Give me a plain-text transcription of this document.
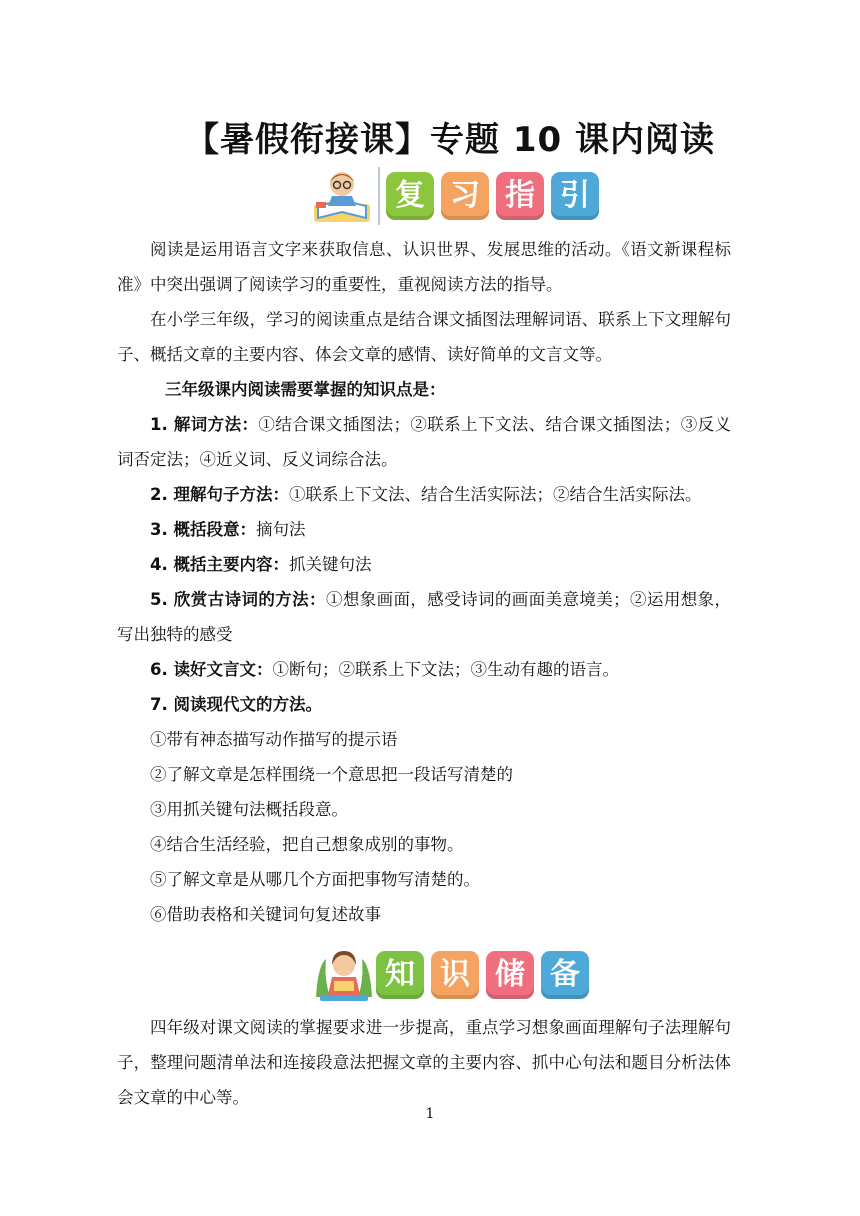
【暑假衔接课】专题 10 课内阅读
复 习 指 引

阅读是运用语言文字来获取信息、认识世界、发展思维的活动。《语文新课程标准》中突出强调了阅读学习的重要性，重视阅读方法的指导。

在小学三年级，学习的阅读重点是结合课文插图法理解词语、联系上下文理解句子、概括文章的主要内容、体会文章的感情、读好简单的文言文等。

三年级课内阅读需要掌握的知识点是：

1. 解词方法：①结合课文插图法；②联系上下文法、结合课文插图法；③反义词否定法；④近义词、反义词综合法。
2. 理解句子方法：①联系上下文法、结合生活实际法；②结合生活实际法。
3. 概括段意：摘句法
4. 概括主要内容：抓关键句法
5. 欣赏古诗词的方法：①想象画面，感受诗词的画面美意境美；②运用想象，写出独特的感受
6. 读好文言文：①断句；②联系上下文法；③生动有趣的语言。
7. 阅读现代文的方法。

①带有神态描写动作描写的提示语

②了解文章是怎样围绕一个意思把一段话写清楚的

③用抓关键句法概括段意。

④结合生活经验，把自己想象成别的事物。

⑤了解文章是从哪几个方面把事物写清楚的。

⑥借助表格和关键词句复述故事

知 识 储 备

四年级对课文阅读的掌握要求进一步提高，重点学习想象画面理解句子法理解句子，整理问题清单法和连接段意法把握文章的主要内容、抓中心句法和题目分析法体会文章的中心等。

1
